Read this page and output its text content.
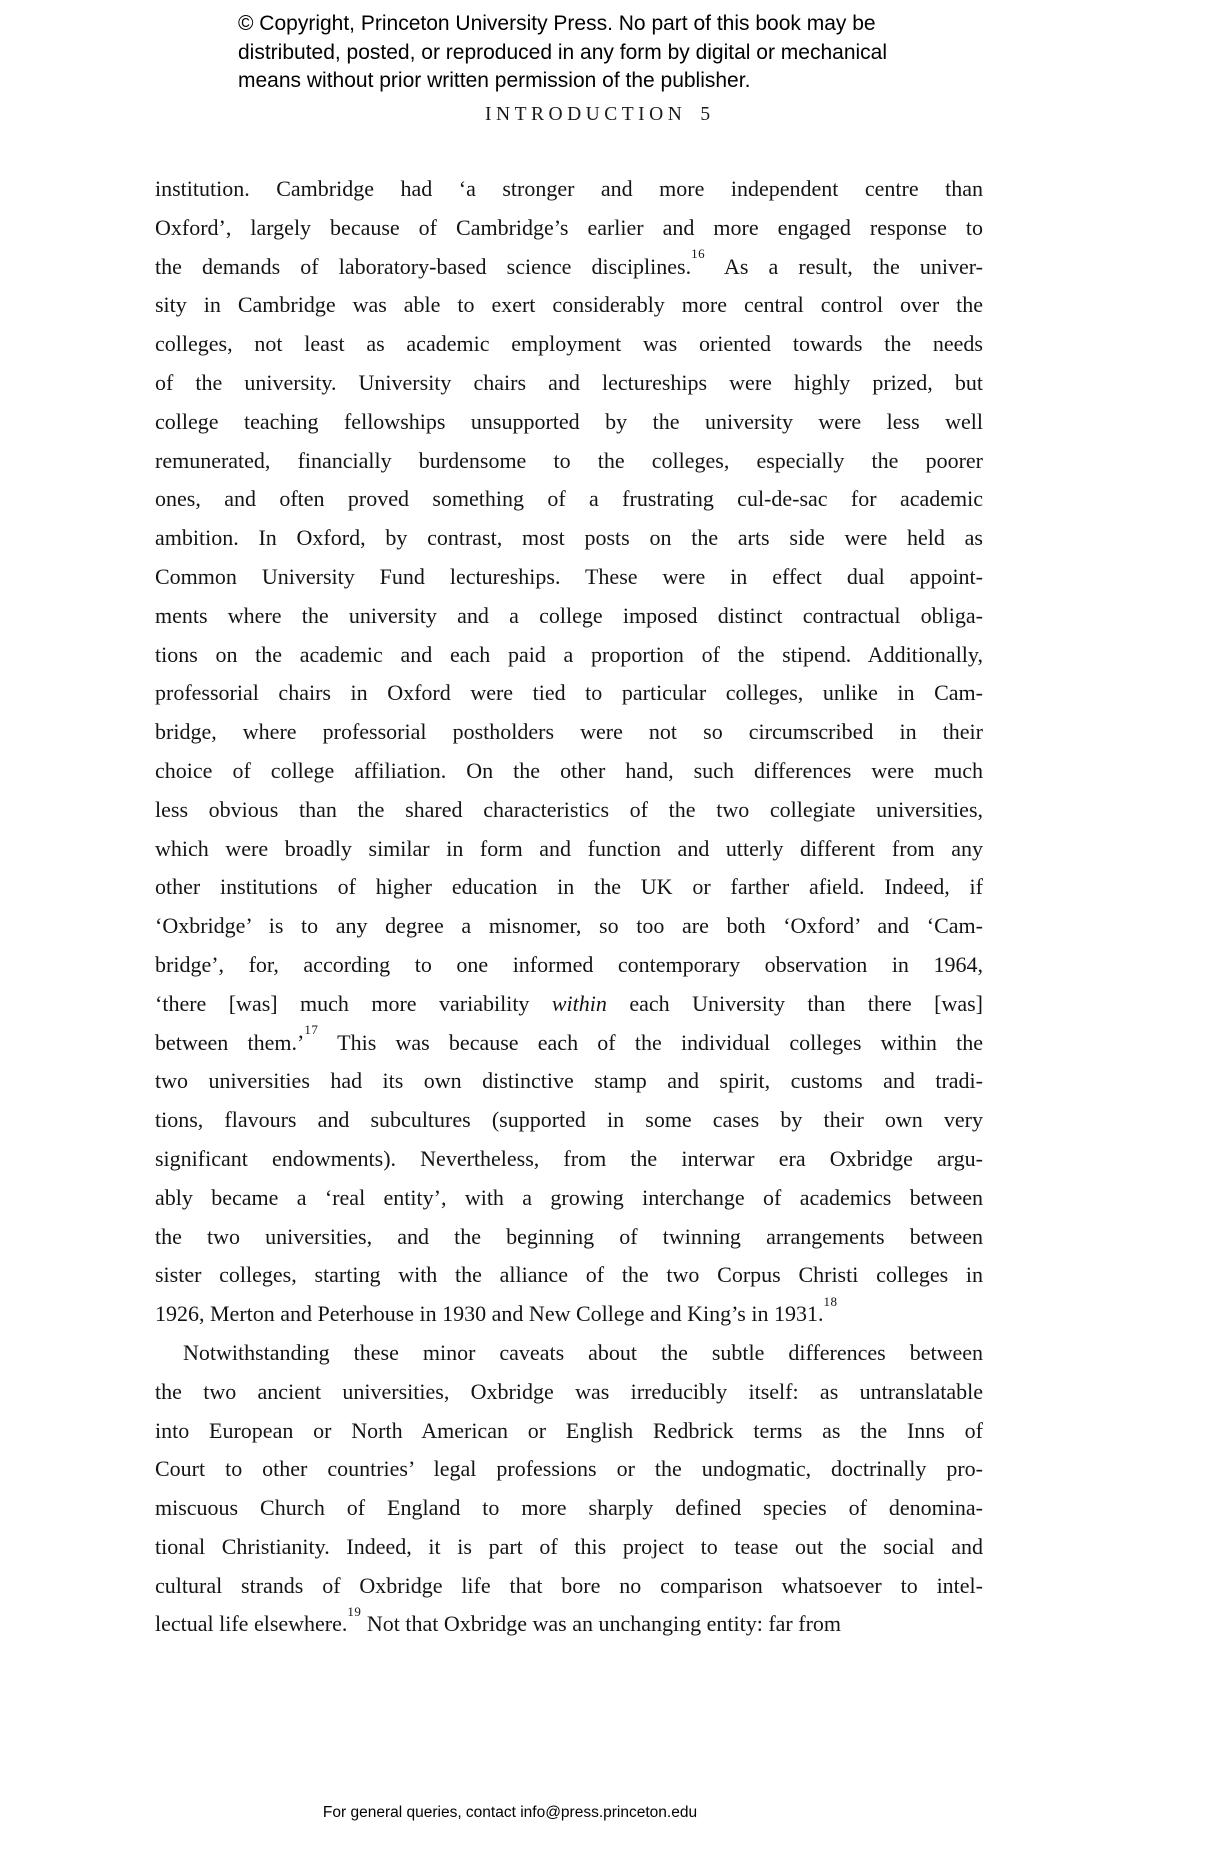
© Copyright, Princeton University Press. No part of this book may be
distributed, posted, or reproduced in any form by digital or mechanical
means without prior written permission of the publisher.
INTRODUCTION 5
institution. Cambridge had ‘a stronger and more independent centre than
Oxford’, largely because of Cambridge’s earlier and more engaged response to
the demands of laboratory-based science disciplines.$^{16}$ As a result, the univer-
sity in Cambridge was able to exert considerably more central control over the
colleges, not least as academic employment was oriented towards the needs
of the university. University chairs and lectureships were highly prized, but
college teaching fellowships unsupported by the university were less well
remunerated, financially burdensome to the colleges, especially the poorer
ones, and often proved something of a frustrating cul-de-sac for academic
ambition. In Oxford, by contrast, most posts on the arts side were held as
Common University Fund lectureships. These were in effect dual appoint-
ments where the university and a college imposed distinct contractual obliga-
tions on the academic and each paid a proportion of the stipend. Additionally,
professorial chairs in Oxford were tied to particular colleges, unlike in Cam-
bridge, where professorial postholders were not so circumscribed in their
choice of college affiliation. On the other hand, such differences were much
less obvious than the shared characteristics of the two collegiate universities,
which were broadly similar in form and function and utterly different from any
other institutions of higher education in the UK or farther afield. Indeed, if
‘Oxbridge’ is to any degree a misnomer, so too are both ‘Oxford’ and ‘Cam-
bridge’, for, according to one informed contemporary observation in 1964,
‘there [was] much more variability within each University than there [was]
between them.’$^{17}$ This was because each of the individual colleges within the
two universities had its own distinctive stamp and spirit, customs and tradi-
tions, flavours and subcultures (supported in some cases by their own very
significant endowments). Nevertheless, from the interwar era Oxbridge argu-
ably became a ‘real entity’, with a growing interchange of academics between
the two universities, and the beginning of twinning arrangements between
sister colleges, starting with the alliance of the two Corpus Christi colleges in
1926, Merton and Peterhouse in 1930 and New College and King’s in 1931.18
Notwithstanding these minor caveats about the subtle differences between
the two ancient universities, Oxbridge was irreducibly itself: as untranslatable
into European or North American or English Redbrick terms as the Inns of
Court to other countries’ legal professions or the undogmatic, doctrinally pro-
miscuous Church of England to more sharply defined species of denomina-
tional Christianity. Indeed, it is part of this project to tease out the social and
cultural strands of Oxbridge life that bore no comparison whatsoever to intel-
lectual life elsewhere.$^{19}$ Not that Oxbridge was an unchanging entity: far from
For general queries, contact info@press.princeton.edu
